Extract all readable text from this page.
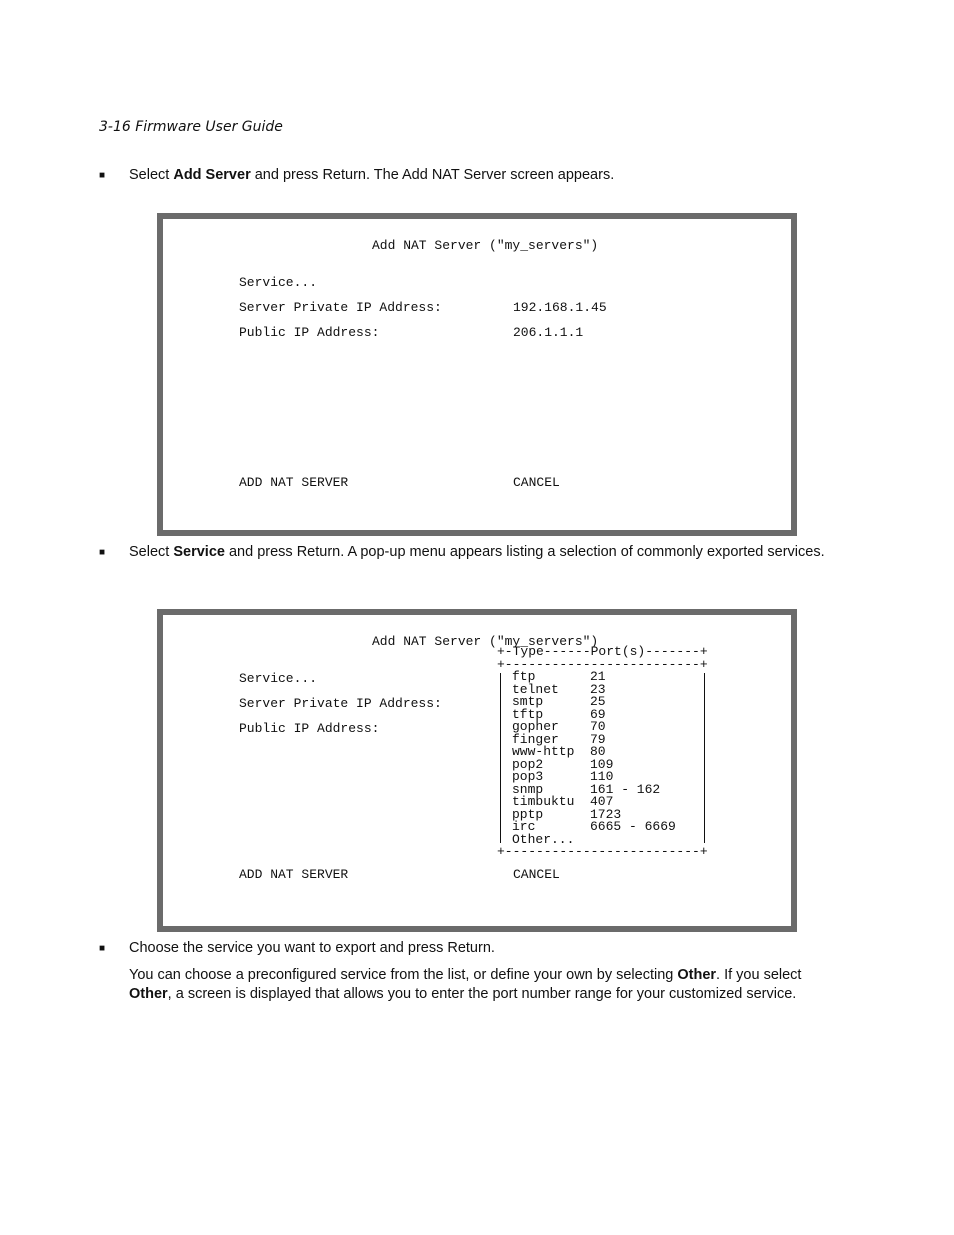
3-16 Firmware User Guide
■ Select Add Server and press Return. The Add NAT Server screen appears.
Add NAT Server ("my_servers")
Service...
Server Private IP Address:	192.168.1.45
Public IP Address:	206.1.1.1
ADD NAT SERVER	CANCEL
■ Select Service and press Return. A pop-up menu appears listing a selection of commonly exported services.
Add NAT Server ("my_servers")
Service...
Server Private IP Address:
Public IP Address:
+-Type------Port(s)-------+
+-------------------------+
ftp	21
telnet 23
smtp	25
tftp	69
gopher 70
finger 79
www-http 80
pop2	109
pop3	110
snmp	161 - 162
timbuktu 407
pptp	1723
irc	6665 - 6669
Other...
+-------------------------+
ADD NAT SERVER	CANCEL
■ Choose the service you want to export and press Return.
You can choose a preconfigured service from the list, or define your own by selecting Other. If you select Other, a screen is displayed that allows you to enter the port number range for your customized service.
